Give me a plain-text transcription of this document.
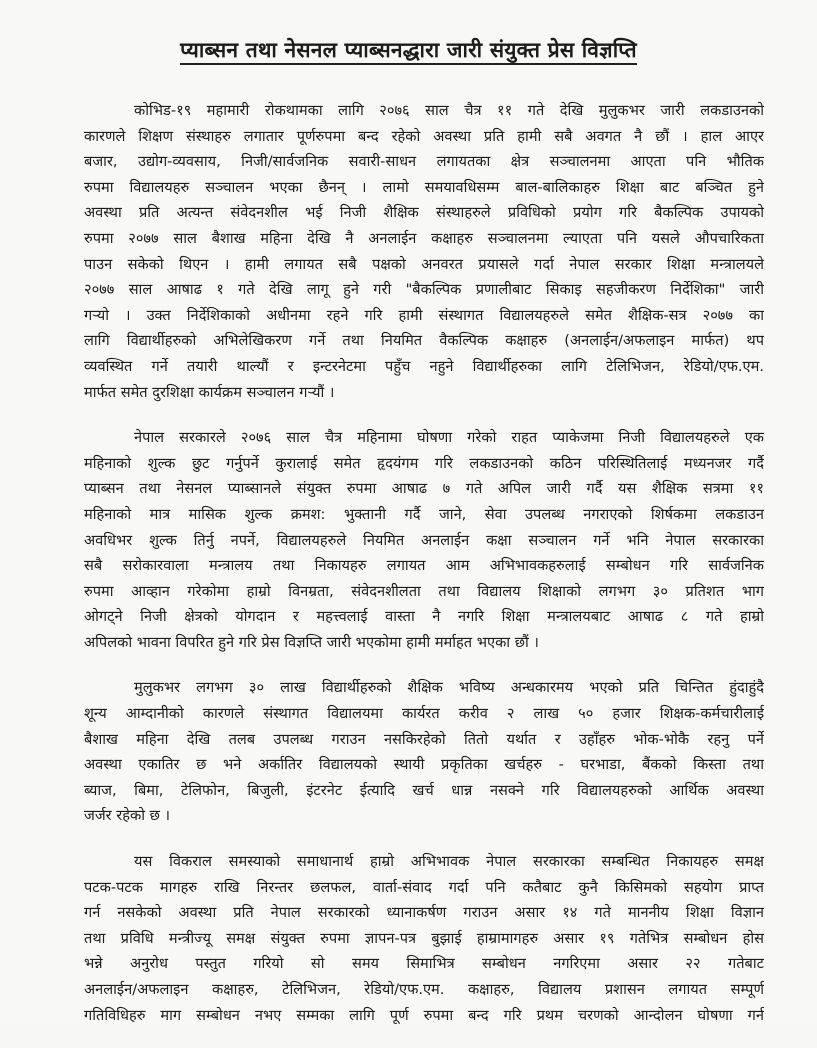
प्याब्सन तथा नेसनल प्याब्सनद्धारा जारी संयुक्त प्रेस विज्ञप्ति
कोभिड-१९ महामारी रोकथामका लागि २०७६ साल चैत्र ११ गते देखि मुलुकभर जारी लकडाउनको
कारणले शिक्षण संस्थाहरु लगातार पूर्णरुपमा बन्द रहेको अवस्था प्रति हामी सबै अवगत नै छौं । हाल आएर
बजार, उद्योग-व्यवसाय, निजी/सार्वजनिक सवारी-साधन लगायतका क्षेत्र सञ्चालनमा आएता पनि भौतिक
रुपमा विद्यालयहरु सञ्चालन भएका छैनन् । लामो समयावधिसम्म बाल-बालिकाहरु शिक्षा बाट बञ्चित हुने
अवस्था प्रति अत्यन्त संवेदनशील भई निजी शैक्षिक संस्थाहरुले प्रविधिको प्रयोग गरि बैकल्पिक उपायको
रुपमा २०७७ साल बैशाख महिना देखि नै अनलाईन कक्षाहरु सञ्चालनमा ल्याएता पनि यसले औपचारिकता
पाउन सकेको थिएन । हामी लगायत सबै पक्षको अनवरत प्रयासले गर्दा नेपाल सरकार शिक्षा मन्त्रालयले
२०७७ साल आषाढ १ गते देखि लागू हुने गरी "बैकल्पिक प्रणालीबाट सिकाइ सहजीकरण निर्देशिका" जारी
गर्‍यो । उक्त निर्देशिकाको अधीनमा रहने गरि हामी संस्थागत विद्यालयहरुले समेत शैक्षिक-सत्र २०७७ का
लागि विद्यार्थीहरुको अभिलेखिकरण गर्ने तथा नियमित वैकल्पिक कक्षाहरु (अनलाईन/अफलाइन मार्फत) थप
व्यवस्थित गर्ने तयारी थाल्यौं र इन्टरनेटमा पहुँच नहुने विद्यार्थीहरुका लागि टेलिभिजन, रेडियो/एफ.एम.
मार्फत समेत दुरशिक्षा कार्यक्रम सञ्चालन गर्‍यौं ।
नेपाल सरकारले २०७६ साल चैत्र महिनामा घोषणा गरेको राहत प्याकेजमा निजी विद्यालयहरुले एक
महिनाको शुल्क छुट गर्नुपर्ने कुरालाई समेत हृदयंगम गरि लकडाउनको कठिन परिस्थितिलाई मध्यनजर गर्दै
प्याब्सन तथा नेसनल प्याब्सानले संयुक्त रुपमा आषाढ ७ गते अपिल जारी गर्दै यस शैक्षिक सत्रमा ११
महिनाको मात्र मासिक शुल्क क्रमश: भुक्तानी गर्दै जाने, सेवा उपलब्ध नगराएको शिर्षकमा लकडाउन
अवधिभर शुल्क तिर्नु नपर्ने, विद्यालयहरुले नियमित अनलाईन कक्षा सञ्चालन गर्ने भनि नेपाल सरकारका
सबै सरोकारवाला मन्त्रालय तथा निकायहरु लगायत आम अभिभावकहरुलाई सम्बोधन गरि सार्वजनिक
रुपमा आव्हान गरेकोमा हाम्रो विनम्रता, संवेदनशीलता तथा विद्यालय शिक्षाको लगभग ३० प्रतिशत भाग
ओगट्ने निजी क्षेत्रको योगदान र महत्त्वलाई वास्ता नै नगरि शिक्षा मन्त्रालयबाट आषाढ ८ गते हाम्रो
अपिलको भावना विपरित हुने गरि प्रेस विज्ञप्ति जारी भएकोमा हामी मर्माहत भएका छौं ।
मुलुकभर लगभग ३० लाख विद्यार्थीहरुको शैक्षिक भविष्य अन्धकारमय भएको प्रति चिन्तित हुंदाहुंदै
शून्य आम्दानीको कारणले संस्थागत विद्यालयमा कार्यरत करीव २ लाख ५० हजार शिक्षक-कर्मचारीलाई
बैशाख महिना देखि तलब उपलब्ध गराउन नसकिरहेको तितो यर्थात र उहाँहरु भोक-भोकै रहनु पर्ने
अवस्था एकातिर छ भने अर्कातिर विद्यालयको स्थायी प्रकृतिका खर्चहरु - घरभाडा, बैंकको किस्ता तथा
ब्याज, बिमा, टेलिफोन, बिजुली, इंटरनेट ईत्यादि खर्च धान्न नसक्ने गरि विद्यालयहरुको आर्थिक अवस्था
जर्जर रहेको छ ।
यस विकराल समस्याको समाधानार्थ हाम्रो अभिभावक नेपाल सरकारका सम्बन्धित निकायहरु समक्ष
पटक-पटक मागहरु राखि निरन्तर छलफल, वार्ता-संवाद गर्दा पनि कतैबाट कुनै किसिमको सहयोग प्राप्त
गर्न नसकेको अवस्था प्रति नेपाल सरकारको ध्यानाकर्षण गराउन असार १४ गते माननीय शिक्षा विज्ञान
तथा प्रविधि मन्त्रीज्यू समक्ष संयुक्त रुपमा ज्ञापन-पत्र बुझाई हाम्रामागहरु असार १९ गतेभित्र सम्बोधन होस
भन्ने अनुरोध पस्तुत गरियो सो समय सिमाभित्र सम्बोधन नगरिएमा असार २२ गतेबाट
अनलाईन/अफलाइन कक्षाहरु, टेलिभिजन, रेडियो/एफ.एम. कक्षाहरु, विद्यालय प्रशासन लगायत सम्पूर्ण
गतिविधिहरु माग सम्बोधन नभए सम्मका लागि पूर्ण रुपमा बन्द गरि प्रथम चरणको आन्दोलन घोषणा गर्न
